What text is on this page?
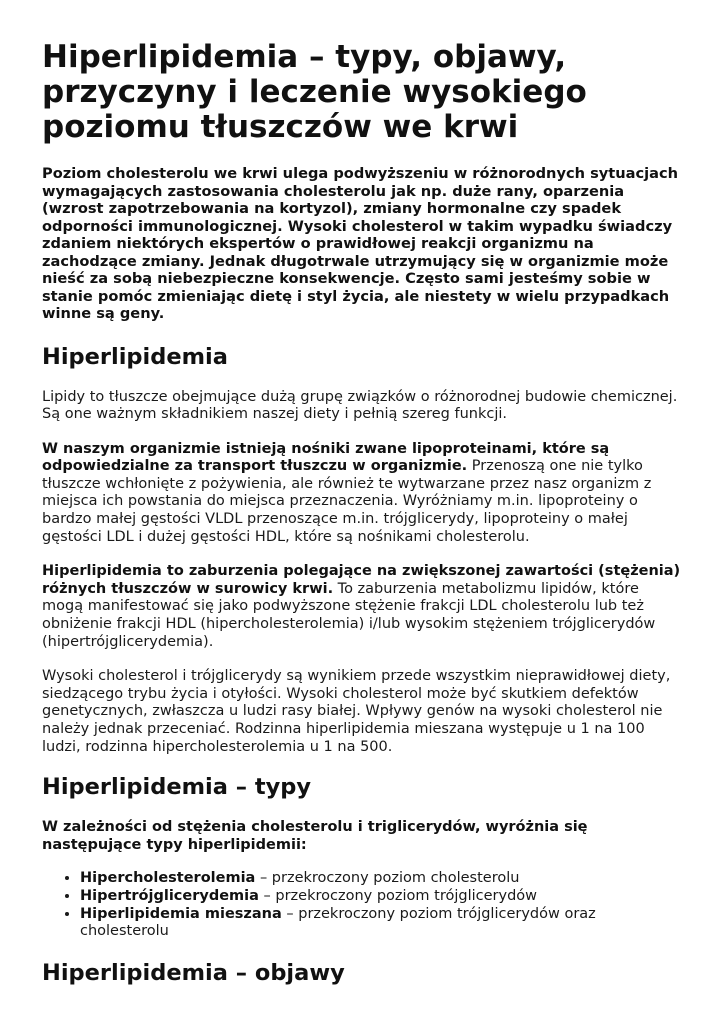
Hiperlipidemia – typy, objawy, przyczyny i leczenie wysokiego poziomu tłuszczów we krwi

Poziom cholesterolu we krwi ulega podwyższeniu w różnorodnych sytuacjach wymagających zastosowania cholesterolu jak np. duże rany, oparzenia (wzrost zapotrzebowania na kortyzol), zmiany hormonalne czy spadek odporności immunologicznej. Wysoki cholesterol w takim wypadku świadczy zdaniem niektórych ekspertów o prawidłowej reakcji organizmu na zachodzące zmiany. Jednak długotrwale utrzymujący się w organizmie może nieść za sobą niebezpieczne konsekwencje. Często sami jesteśmy sobie w stanie pomóc zmieniając dietę i styl życia, ale niestety w wielu przypadkach winne są geny.

Hiperlipidemia

Lipidy to tłuszcze obejmujące dużą grupę związków o różnorodnej budowie chemicznej. Są one ważnym składnikiem naszej diety i pełnią szereg funkcji.

W naszym organizmie istnieją nośniki zwane lipoproteinami, które są odpowiedzialne za transport tłuszczu w organizmie. Przenoszą one nie tylko tłuszcze wchłonięte z pożywienia, ale również te wytwarzane przez nasz organizm z miejsca ich powstania do miejsca przeznaczenia. Wyróżniamy m.in. lipoproteiny o bardzo małej gęstości VLDL przenoszące m.in. trójglicerydy, lipoproteiny o małej gęstości LDL i dużej gęstości HDL, które są nośnikami cholesterolu.

Hiperlipidemia to zaburzenia polegające na zwiększonej zawartości (stężenia) różnych tłuszczów w surowicy krwi. To zaburzenia metabolizmu lipidów, które mogą manifestować się jako podwyższone stężenie frakcji LDL cholesterolu lub też obniżenie frakcji HDL (hipercholesterolemia) i/lub wysokim stężeniem trójglicerydów (hipertrójglicerydemia).

Wysoki cholesterol i trójglicerydy są wynikiem przede wszystkim nieprawidłowej diety, siedzącego trybu życia i otyłości. Wysoki cholesterol może być skutkiem defektów genetycznych, zwłaszcza u ludzi rasy białej. Wpływy genów na wysoki cholesterol nie należy jednak przeceniać. Rodzinna hiperlipidemia mieszana występuje u 1 na 100 ludzi, rodzinna hipercholesterolemia u 1 na 500.

Hiperlipidemia – typy

W zależności od stężenia cholesterolu i triglicerydów, wyróżnia się następujące typy hiperlipidemii:

• Hipercholesterolemia – przekroczony poziom cholesterolu
• Hipertrójglicerydemia – przekroczony poziom trójglicerydów
• Hiperlipidemia mieszana – przekroczony poziom trójglicerydów oraz cholesterolu
Hiperlipidemia – objawy
